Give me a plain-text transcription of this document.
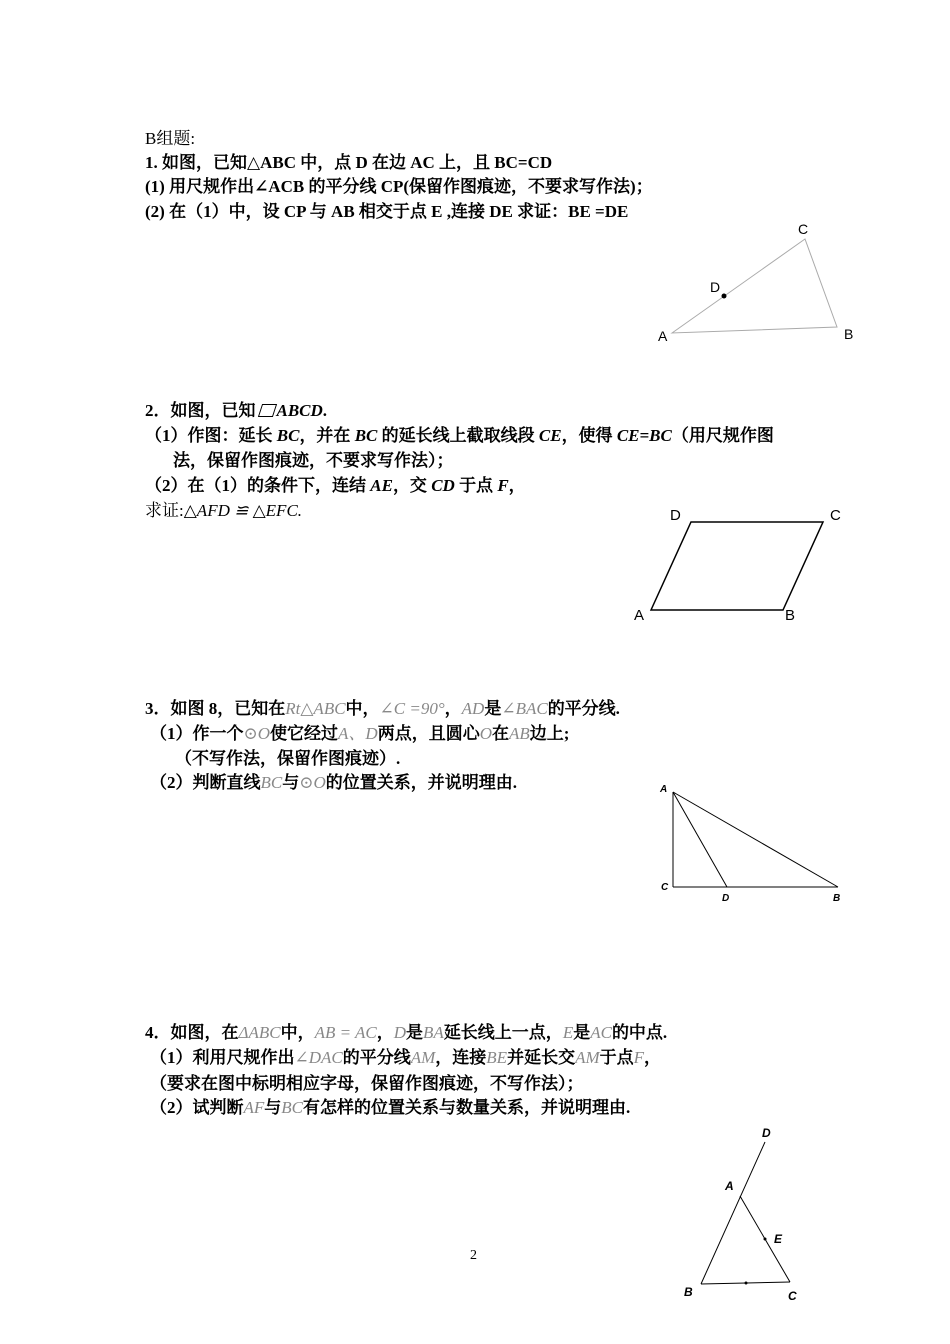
B组题:
1. 如图，已知△ABC 中，点 D 在边 AC 上，且 BC=CD
(1) 用尺规作出∠ACB 的平分线 CP(保留作图痕迹，不要求写作法)；
(2) 在（1）中，设 CP 与 AB 相交于点 E ,连接 DE 求证：BE =DE
A	B
C
D
2．如图，已知 ABCD.
（1）作图：延长 BC，并在 BC 的延长线上截取线段 CE，使得 CE=BC（用尺规作图
法，保留作图痕迹，不要求写作法）；
（2）在（1）的条件下，连结 AE，交 CD 于点 F，
求证:△AFD ≌ △EFC.
A	B
C
D
3．如图 8，已知在Rt△ABC中，∠C =90°，AD是∠BAC的平分线.
（1）作一个⊙O使它经过A、D两点，且圆心O在AB边上;
（不写作法，保留作图痕迹）.
（2）判断直线BC与⊙O的位置关系，并说明理由.	A
C
D	B
4．如图，在ΔABC中，AB = AC，D是BA延长线上一点，E是AC的中点.
（1）利用尺规作出∠DAC的平分线AM，连接BE并延长交AM于点F，
（要求在图中标明相应字母，保留作图痕迹，不写作法）；
（2）试判断AF与BC有怎样的位置关系与数量关系，并说明理由.
D
A
E
B	C
2
